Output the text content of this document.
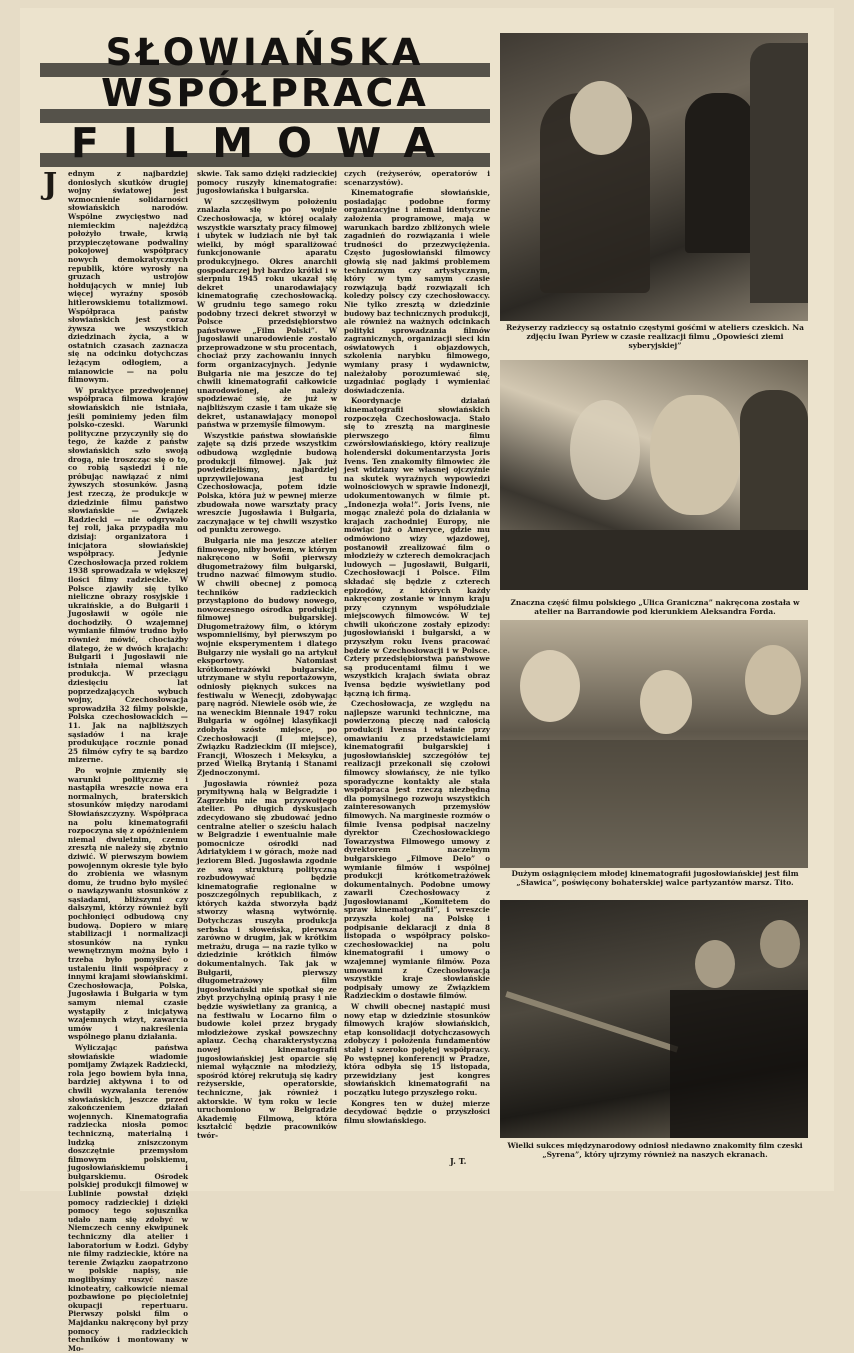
SŁOWIAŃSKA
WSPÓŁPRACA
FILMOWA
J	ednym z najbardziej donioslych skutków drugiej wojny światowej jest wzmocnienie solidarności słowiańskich narodów. Wspólne zwycięstwo nad niemieckim najeźdźcą położyło trwałe, krwią przypieczętowane podwaliny pokojowej współpracy nowych demokratycznych republik, które wyrosły na gruzach ustrojów hołdujących w mniej lub więcej wyraźny sposób hitlerowskiemu totalizmowi. Współpraca państw słowiańskich jest coraz żywsza we wszystkich dziedzinach życia, a w ostatnich czasach zaznacza się na odcinku dotychczas leżącym odłogiem, a mianowicie — na polu filmowym.

W praktyce przedwojennej współpraca filmowa krajów słowiańskich nie istniała, jeśli pominiemy jeden film polsko-czeski. Warunki polityczne przyczyniły się do tego, że każde z państw słowiańskich szło swoją drogą, nie troszcząc się o to, co robią sąsiedzi i nie próbując nawiązać z nimi żywszych stosunków. Jasną jest rzeczą, że produkcje w dziedzinie filmu państwo słowiańskie — Związek Radziecki — nie odgrywało tej roli, jaka przypadła mu dzisiaj: organizatora i inicjatora słowiańskiej współpracy. Jedynie Czechosłowacja przed rokiem 1938 sprowadzała w większej ilości filmy radzieckie. W Polsce zjawiły się tylko nieliczne obrazy rosyjskie i ukraińskie, a do Bułgarii i Jugosławii w ogóle nie dochodziły. O wzajemnej wymianie filmów trudno było również mówić, chociażby dlatego, że w dwóch krajach: Bułgarii i Jugosławii nie istniała niemal własna produkcja. W przeciągu dziesięciu lat poprzedzających wybuch wojny, Czechosłowacja sprowadziła 32 filmy polskie, Polska czechosłowackich — 11. Jak na najbliższych sąsiadów i na kraje produkujące rocznie ponad 25 filmów cyfry te są bardzo mizerne.

Po wojnie zmieniły się warunki polityczne i nastąpiła wreszcie nowa era normalnych, braterskich stosunków między narodami Słowiańszczyzny. Współpraca na polu kinematografii rozpoczyna się z opóźnieniem niemal dwuletnim, czemu zresztą nie należy się zbytnio dziwić. W pierwszym bowiem powojennym okresie tyle było do zrobienia we własnym domu, że trudno było myśleć o nawiązywaniu stosunków z sąsiadami, bliższymi czy dalszymi, którzy również byli pochłonięci odbudową cny budową. Dopiero w miarę stabilizacji i normalizacji stosunków na rynku wewnętrznym można było i trzeba było pomyśleć o ustaleniu linii współpracy z innymi krajami słowiańskimi. Czechosłowacja, Polska, Jugosławia i Bułgaria w tym samym niemal czasie wystąpiły z inicjatywą wzajemnych wizyt, zawarcia umów i nakreślenia wspólnego planu działania.

Wyliczając państwa słowiańskie wiadomie pomijamy Związek Radziecki, rola jego bowiem była inna, bardziej aktywna i to od chwili wyzwalania terenów słowiańskich, jeszcze przed zakończeniem działań wojennych. Kinematografia radziecka niosła pomoc techniczną, materialną i ludzką zniszczonym doszczętnie przemysłom filmowym polskiemu, jugosłowiańskiemu i bułgarskiemu. Ośrodek polskiej produkcji filmowej w Lublinie powstał dzięki pomocy radzieckiej i dzięki pomocy tego sojusznika udało nam się zdobyć w Niemczech cenny ekwipunek techniczny dla atelier i laboratorium w Łodzi. Gdyby nie filmy radzieckie, które na terenie Związku zaopatrzono w polskie napisy, nie moglibyśmy ruszyć nasze kinoteatry, całkowicie niemal pozbawione po pięcioletniej okupacji repertuaru. Pierwszy polski film o Majdanku nakręcony był przy pomocy radzieckich techników i montowany w Mo-

skwie. Tak samo dzięki radzieckiej pomocy ruszyły kinematografie: jugosłowiańska i bułgarska.

W szczęśliwym położeniu znalazła się po wojnie Czechosłowacja, w której ocalały wszystkie warsztaty pracy filmowej i ubytek w ludziach nie był tak wielki, by mógł sparaliżować funkcjonowanie aparatu produkcyjnego. Okres anarchii gospodarczej był bardzo krótki i w sierpniu 1945 roku ukazał się dekret unarodawiający kinematografię czechosłowacką. W grudniu tego samego roku podobny trzeci dekret stworzył w Polsce przedsiębiorstwo państwowe „Film Polski”. W Jugosławii unarodowienie zostało przeprowadzone w stu procentach, chociaż przy zachowaniu innych form organizacyjnych. Jedynie Bułgaria nie ma jeszcze do tej chwili kinematografii całkowicie unarodowionej, ale należy spodziewać się, że już w najbliższym czasie i tam ukaże się dekret, ustanawiający monopol państwa w przemyśle filmowym.

Wszystkie państwa słowiańskie zajęte są dziś przede wszystkim odbudową względnie budową produkcji filmowej. Jak już powiedzieliśmy, najbardziej uprzywilejowana jest tu Czechosłowacja, potem idzie Polska, która już w pewnej mierze zbudowała nowe warsztaty pracy wreszcie Jugosławia i Bułgaria, zaczynające w tej chwili wszystko od punktu zerowego.

Bułgaria nie ma jeszcze atelier filmowego, niby bowiem, w którym nakręcono w Sofii pierwszy długometrażowy film bułgarski, trudno nazwać filmowym studio. W chwili obecnej z pomocą techników radzieckich przystąpiono do budowy nowego, nowoczesnego ośrodka produkcji filmowej bułgarskiej. Długometrażowy film, o którym wspomnieliśmy, był pierwszym po wojnie eksperymentem i dlatego Bułgarzy nie wysłali go na artykuł eksportowy. Natomiast krótkometrażówki bułgarskie, utrzymane w stylu reportażowym, odniosły pięknych sukces na festiwalu w Wenecji, zdobywając parę nagród. Niewiele osób wie, że na weneckim Biennale 1947 roku Bułgaria w ogólnej klasyfikacji zdobyła szóste miejsce, po Czechosłowacji (I miejsce), Związku Radzieckim (II miejsce), Francji, Włoszech i Meksyku, a przed Wielką Brytanią i Stanami Zjednoczonymi.

Jugosławia również poza prymitywną halą w Belgradzie i Zagrzebiu nie ma przyzwoitego atelier. Po długich dyskusjach zdecydowano się zbudować jedno centralne atelier o sześciu halach w Belgradzie i ewentualnie małe pomocnicze ośrodki nad Adriatykiem i w górach, może nad jeziorem Bled. Jugosławia zgodnie ze swą strukturą polityczną rozbudowywać będzie kinematografie regionalne w poszczególnych republikach, z których każda stworzyła bądź stworzy własną wytwórnię. Dotychczas ruszyła produkcja serbska i słoweńska, pierwsza zarówno w drugim, jak w krótkim metrażu, druga — na razie tylko w dziedzinie krótkich filmów dokumentalnych. Tak jak w Bułgarii, pierwszy długometrażowy film jugosłowiański nie spotkał się ze zbyt przychylną opinią prasy i nie będzie wyświetlany za granicą, a na festiwalu w Locarno film o budowie kolei przez brygady młodzieżowe zyskał powszechny aplauz. Cechą charakterystyczną nowej kinematografii jugosłowiańskiej jest oparcie się niemal wyłącznie na młodzieży, spośród której rekrutują się kadry reżyserskie, operatorskie, techniczne, jak również i aktorskie. W tym roku w lecie uruchomiono w Belgradzie Akademię Filmową, która kształcić będzie pracowników twór-

czych (reżyserów, operatorów i scenarzystów).

Kinematografie słowiańskie, posiadając podobne formy organizacyjne i niemal identyczne założenia programowe, mają w warunkach bardzo zbliżonych wiele zagadnień do rozwiązania i wiele trudności do przezwyciężenia. Często jugosłowiański filmowcy głowią się nad jakimś problemem technicznym czy artystycznym, który w tym samym czasie rozwiązują bądź rozwiązali ich koledzy polscy czy czechosłowaccy. Nie tylko zresztą w dziedzinie budowy baz technicznych produkcji, ale również na ważnych odcinkach polityki sprowadzania filmów zagranicznych, organizacji sieci kin oświatowych i objazdowych, szkolenia narybku filmowego, wymiany prasy i wydawnictw, należałoby porozumiewać się, uzgadniać poglądy i wymieniać doświadczenia.

Koordynacje działań kinematografii słowiańskich rozpoczęła Czechosłowacja. Stało się to zresztą na marginesie pierwszego filmu czwórsłowiańskiego, który realizuje holenderski dokumentarzysta Joris Ivens. Ten znakomity filmowiec żle jest widziany we własnej ojczyźnie na skutek wyraźnych wypowiedzi wolnościowych w sprawie Indonezji, udokumentowanych w filmie pt. „Indonezja woła!”. Joris Ivens, nie mogąc znaleźć pola do działania w krajach zachodniej Europy, nie mówiąc już o Ameryce, gdzie mu odmówiono wizy wjazdowej, postanowił zrealizować film o młodzieży w czterech demokracjach ludowych — Jugosławii, Bułgarii, Czechosłowacji i Polsce. Film składać się będzie z czterech epizodów, z których każdy nakręcony zostanie w innym kraju przy czynnym współudziale miejscowych filmowców. W tej chwili ukończone zostały epizody: jugosłowiański i bułgarski, a w przyszłym roku Ivens pracować będzie w Czechosłowacji i w Polsce. Cztery przedsiębiorstwa państwowe są producentami filmu i we wszystkich krajach świata obraz Ivensa będzie wyświetlany pod łączną ich firmą.

Czechosłowacja, ze względu na najlepsze warunki techniczne, ma powierzoną pieczę nad całością produkcji Ivensa i właśnie przy omawianiu z przedstawicielami kinematografii bułgarskiej i jugosłowiańskiej szczegółów tej realizacji przekonali się czołowi filmowcy słowiańscy, że nie tylko sporadyczne kontakty ale stała współpraca jest rzeczą niezbędną dla pomyślnego rozwoju wszystkich zainteresowanych przemysłów filmowych. Na marginesie rozmów o filmie Ivensa podpisał naczelny dyrektor Czechosłowackiego Towarzystwa Filmowego umowy z dyrektorem naczelnym bułgarskiego „Filmove Delo” o wymianie filmów i wspólnej produkcji krótkometrażówek dokumentalnych. Podobne umowy zawarli Czechosłowacy z Jugosłowianami „Komitetem do spraw kinematografii”, i wreszcie przyszła kolej na Polskę i podpisanie deklaracji z dnia 8 listopada o współpracy polsko-czechosłowackiej na polu kinematografii i umowy o wzajemnej wymianie filmów. Poza umowami z Czechosłowacją wszystkie kraje słowiańskie podpisały umowy ze Związkiem Radzieckim o dostawie filmów.

W chwili obecnej nastąpić musi nowy etap w dziedzinie stosunków filmowych krajów słowiańskich, etap konsolidacji dotychczasowych zdobyczy i położenia fundamentów stałej i szeroko pojętej współpracy. Po wstępnej konferencji w Pradze, która odbyła się 15 listopada, przewidziany jest kongres słowiańskich kinematografii na początku lutego przyszłego roku.

Kongres ten w dużej mierze decydować będzie o przyszłości filmu słowiańskiego.

J. T.
Reżyserzy radzieccy są ostatnio częstymi gośćmi w ateliers czeskich. Na zdjęciu Iwan Pyriew w czasie realizacji filmu „Opowieści ziemi syberyjskiej”
Znaczna część filmu polskiego „Ulica Graniczna” nakręcona została w atelier na Barrandowie pod kierunkiem Aleksandra Forda.
Dużym osiągnięciem młodej kinematografii jugosłowiańskiej jest film „Sławica”, poświęcony bohaterskiej walce partyzantów marsz. Tito.
Wielki sukces międzynarodowy odniosł niedawno znakomity film czeski „Syrena”, który ujrzymy również na naszych ekranach.
